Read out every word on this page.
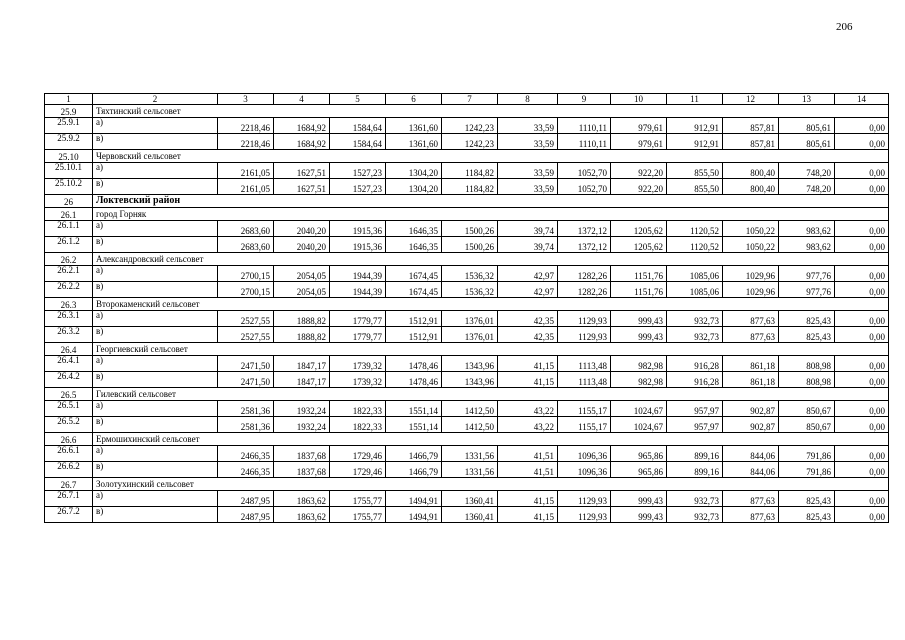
206
1	2	3	4	5	6	7	8	9	10	11	12	13	14
25.9	Тяхтинский сельсовет												
25.9.1	а)	2218,46	1684,92	1584,64	1361,60	1242,23	33,59	1110,11	979,61	912,91	857,81	805,61	0,00
25.9.2	в)	2218,46	1684,92	1584,64	1361,60	1242,23	33,59	1110,11	979,61	912,91	857,81	805,61	0,00
25.10	Червовский сельсовет												
25.10.1	а)	2161,05	1627,51	1527,23	1304,20	1184,82	33,59	1052,70	922,20	855,50	800,40	748,20	0,00
25.10.2	в)	2161,05	1627,51	1527,23	1304,20	1184,82	33,59	1052,70	922,20	855,50	800,40	748,20	0,00
26	Локтевский район												
26.1	город Горняк												
26.1.1	а)	2683,60	2040,20	1915,36	1646,35	1500,26	39,74	1372,12	1205,62	1120,52	1050,22	983,62	0,00
26.1.2	в)	2683,60	2040,20	1915,36	1646,35	1500,26	39,74	1372,12	1205,62	1120,52	1050,22	983,62	0,00
26.2	Александровский сельсовет												
26.2.1	а)	2700,15	2054,05	1944,39	1674,45	1536,32	42,97	1282,26	1151,76	1085,06	1029,96	977,76	0,00
26.2.2	в)	2700,15	2054,05	1944,39	1674,45	1536,32	42,97	1282,26	1151,76	1085,06	1029,96	977,76	0,00
26.3	Второкаменский сельсовет												
26.3.1	а)	2527,55	1888,82	1779,77	1512,91	1376,01	42,35	1129,93	999,43	932,73	877,63	825,43	0,00
26.3.2	в)	2527,55	1888,82	1779,77	1512,91	1376,01	42,35	1129,93	999,43	932,73	877,63	825,43	0,00
26.4	Георгиевский сельсовет												
26.4.1	а)	2471,50	1847,17	1739,32	1478,46	1343,96	41,15	1113,48	982,98	916,28	861,18	808,98	0,00
26.4.2	в)	2471,50	1847,17	1739,32	1478,46	1343,96	41,15	1113,48	982,98	916,28	861,18	808,98	0,00
26.5	Гилевский сельсовет												
26.5.1	а)	2581,36	1932,24	1822,33	1551,14	1412,50	43,22	1155,17	1024,67	957,97	902,87	850,67	0,00
26.5.2	в)	2581,36	1932,24	1822,33	1551,14	1412,50	43,22	1155,17	1024,67	957,97	902,87	850,67	0,00
26.6	Ермошихинский сельсовет												
26.6.1	а)	2466,35	1837,68	1729,46	1466,79	1331,56	41,51	1096,36	965,86	899,16	844,06	791,86	0,00
26.6.2	в)	2466,35	1837,68	1729,46	1466,79	1331,56	41,51	1096,36	965,86	899,16	844,06	791,86	0,00
26.7	Золотухинский сельсовет												
26.7.1	а)	2487,95	1863,62	1755,77	1494,91	1360,41	41,15	1129,93	999,43	932,73	877,63	825,43	0,00
26.7.2	в)	2487,95	1863,62	1755,77	1494,91	1360,41	41,15	1129,93	999,43	932,73	877,63	825,43	0,00
